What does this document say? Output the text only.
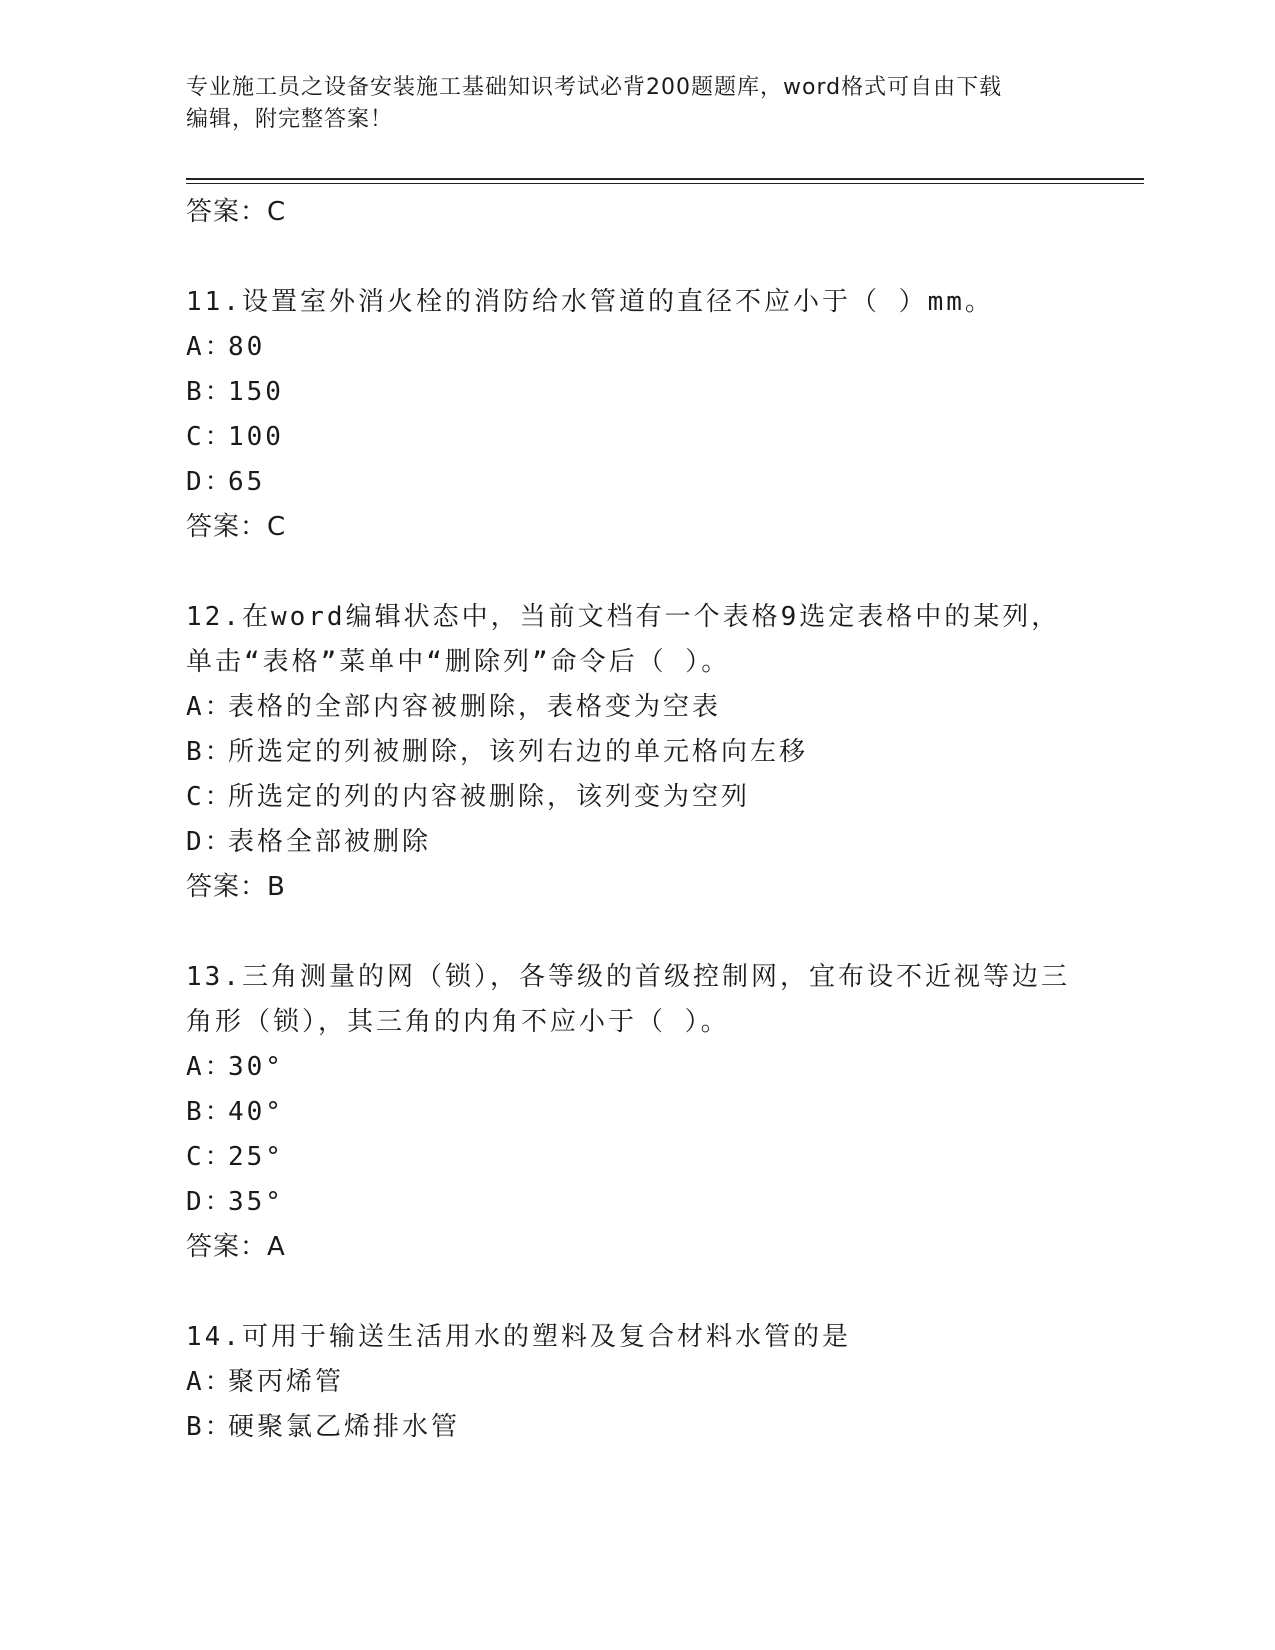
专业施工员之设备安装施工基础知识考试必背200题题库，word格式可自由下载
编辑，附完整答案！
答案：C
11.设置室外消火栓的消防给水管道的直径不应小于（ ）mm。
A：80
B：150
C：100
D：65
答案：C
12.在word编辑状态中，当前文档有一个表格9选定表格中的某列，
单击“表格”菜单中“删除列”命令后（ ）。
A：表格的全部内容被删除，表格变为空表
B：所选定的列被删除，该列右边的单元格向左移
C：所选定的列的内容被删除，该列变为空列
D：表格全部被删除
答案：B
13.三角测量的网（锁），各等级的首级控制网，宜布设不近视等边三
角形（锁），其三角的内角不应小于（ ）。
A：30°
B：40°
C：25°
D：35°
答案：A
14.可用于输送生活用水的塑料及复合材料水管的是
A：聚丙烯管
B：硬聚氯乙烯排水管
